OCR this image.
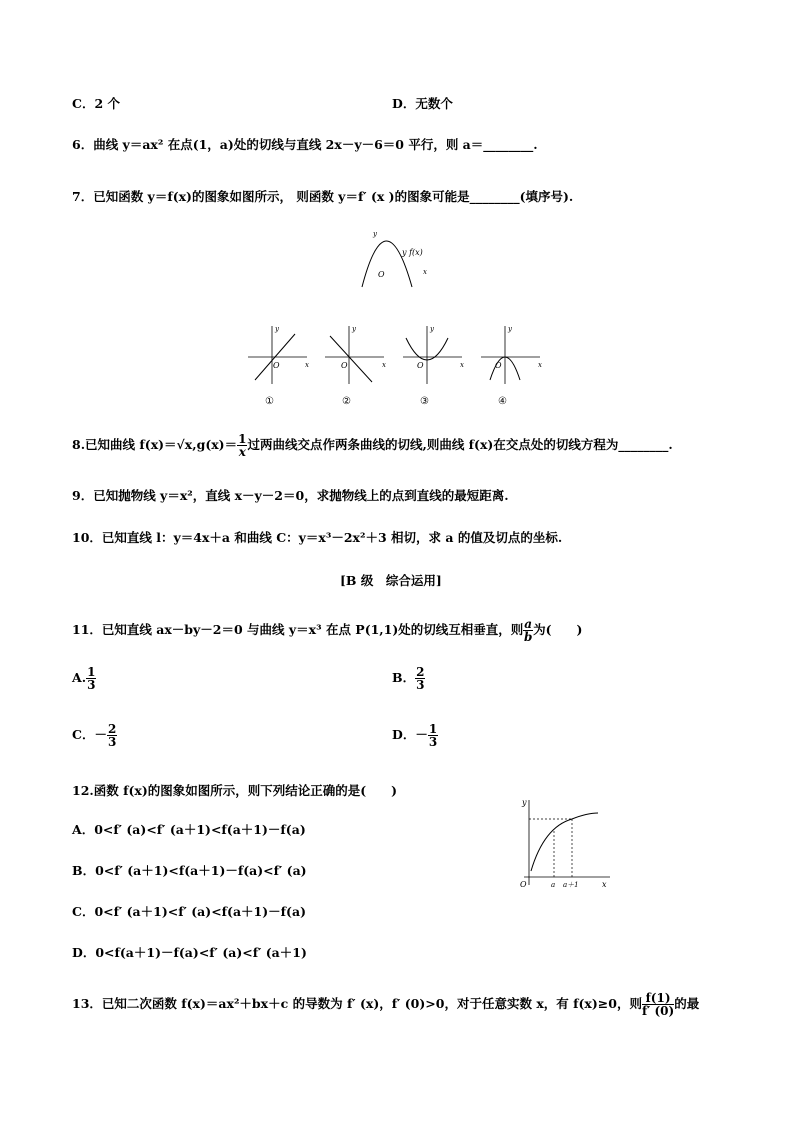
C．2 个	D．无数个
6．曲线 y＝ax² 在点(1，a)处的切线与直线 2x－y－6＝0 平行，则 a＝________.
7．已知函数 y＝f(x)的图象如图所示， 则函数 y＝f′ (x )的图象可能是________(填序号).
y
y f(x)
x
O
y
x
O
①
y
x
O
②
y
x
O
③
y
x
O
④
8.已知曲线 $f(x)=√x,g(x)= \frac{1}{x}$ 过两曲线交点作两条曲线的切线,则曲线 f(x)在交点处的切线方程为________.
9．已知抛物线 y＝x²，直线 x－y－2＝0，求抛物线上的点到直线的最短距离.
10．已知直线 l：y＝4x＋a 和曲线 C：y＝x³－2x²＋3 相切，求 a 的值及切点的坐标.
[B 级　综合运用]
11．已知直线 ax－by－2＝0 与曲线 y＝x³ 在点 P(1,1)处的切线互相垂直，则 $\frac{a}{b}$ 为(　　)
A. $\frac{1}{3}$	B． $\frac{2}{3}$
C．－ $\frac{2}{3}$	D．－ $\frac{1}{3}$
12.函数 f(x)的图象如图所示，则下列结论正确的是(　　)
A．0<f′ (a)<f′ (a＋1)<f(a＋1)－f(a)
B．0<f′ (a＋1)<f(a＋1)－f(a)<f′ (a)
C．0<f′ (a＋1)<f′ (a)<f(a＋1)－f(a)
D．0<f(a＋1)－f(a)<f′ (a)<f′ (a＋1)
y
x
O	a a＋1
13．已知二次函数 f(x)＝ax²＋bx＋c 的导数为 f′ (x)，f′ (0)>0，对于任意实数 x，有 f(x)≥0，则 $\frac{f(1)}{f' (0)}$ 的最
